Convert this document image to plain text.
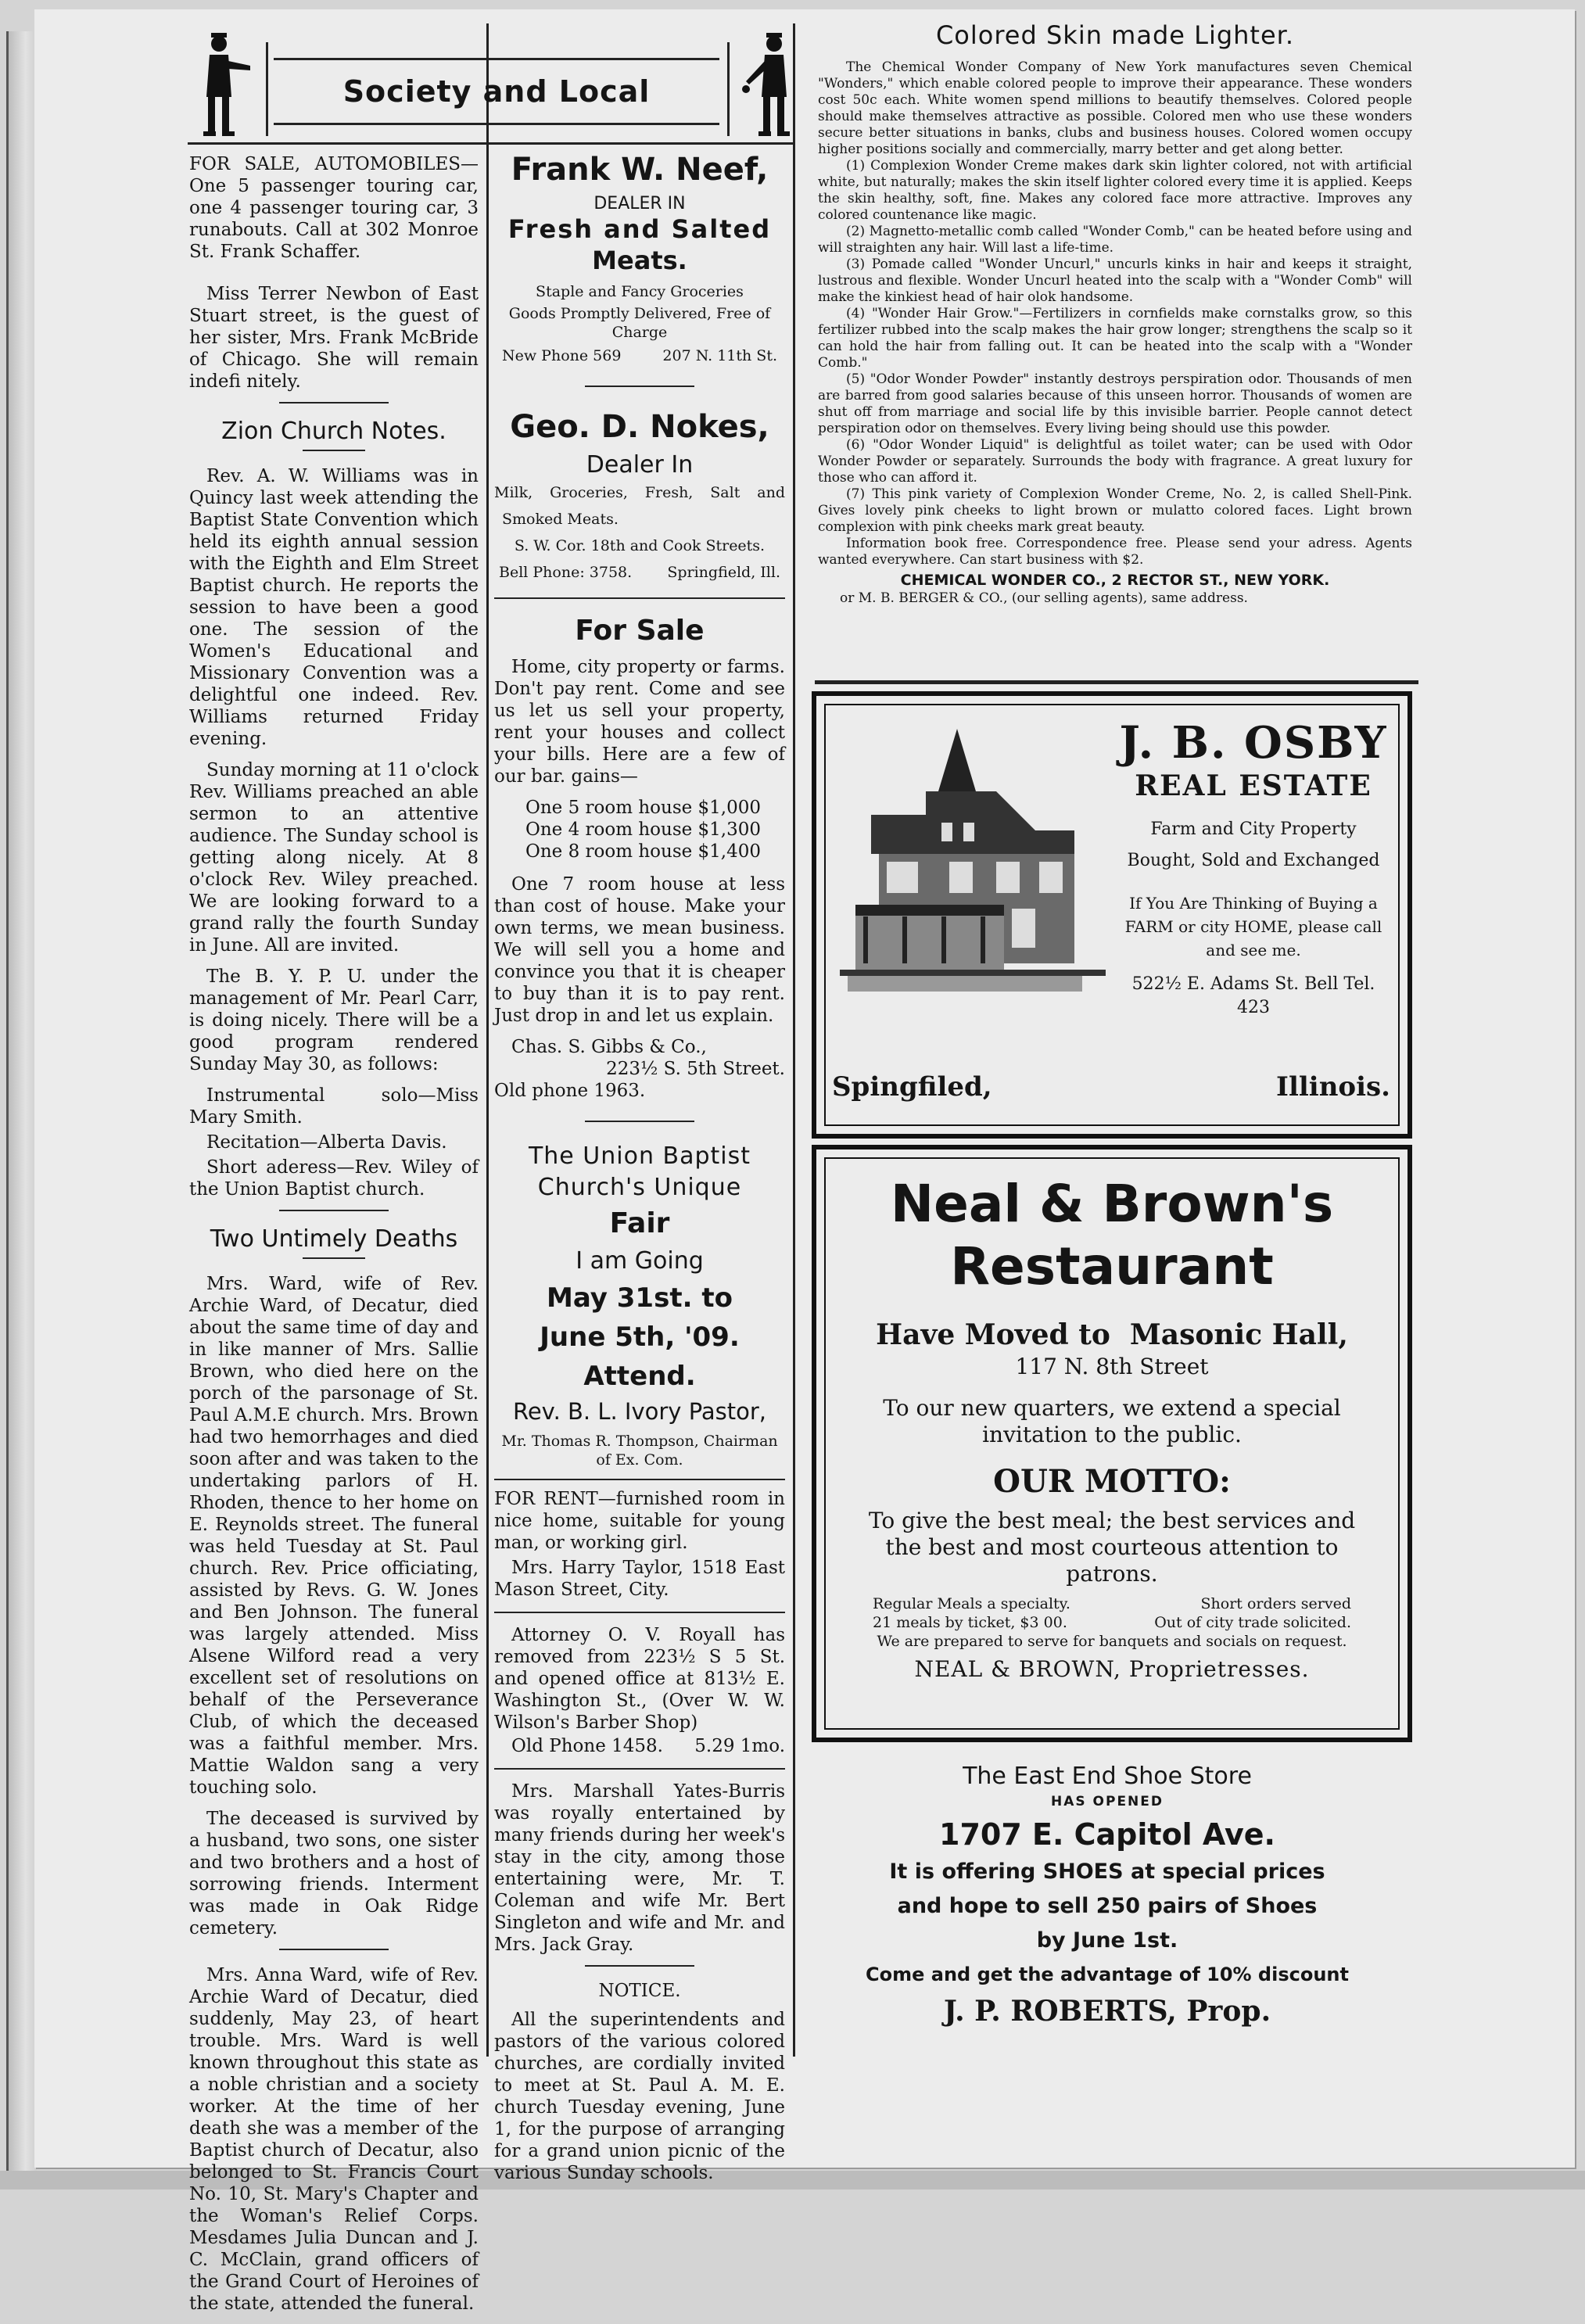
Society and Local

FOR SALE, AUTOMOBILES— One 5 passenger touring car, one 4 passenger touring car, 3 runabouts. Call at 302 Monroe St. Frank Schaffer.

Miss Terrer Newbon of East Stuart street, is the guest of her sister, Mrs. Frank McBride of Chicago. She will remain indefi nitely.

Zion Church Notes.

Rev. A. W. Williams was in Quincy last week attending the Baptist State Convention which held its eighth annual session with the Eighth and Elm Street Baptist church. He reports the session to have been a good one. The session of the Women's Educational and Missionary Convention was a delightful one indeed. Rev. Williams returned Friday evening.

Sunday morning at 11 o'clock Rev. Williams preached an able sermon to an attentive audience. The Sunday school is getting along nicely. At 8 o'clock Rev. Wiley preached. We are looking forward to a grand rally the fourth Sunday in June. All are invited.

The B. Y. P. U. under the management of Mr. Pearl Carr, is doing nicely. There will be a good program rendered Sunday May 30, as follows:

Instrumental solo—Miss Mary Smith.

Recitation—Alberta Davis.

Short aderess—Rev. Wiley of the Union Baptist church.

Two Untimely Deaths

Mrs. Ward, wife of Rev. Archie Ward, of Decatur, died about the same time of day and in like manner of Mrs. Sallie Brown, who died here on the porch of the parsonage of St. Paul A.M.E church. Mrs. Brown had two hemorrhages and died soon after and was taken to the undertaking parlors of H. Rhoden, thence to her home on E. Reynolds street. The funeral was held Tuesday at St. Paul church. Rev. Price officiating, assisted by Revs. G. W. Jones and Ben Johnson. The funeral was largely attended. Miss Alsene Wilford read a very excellent set of resolutions on behalf of the Perseverance Club, of which the deceased was a faithful member. Mrs. Mattie Waldon sang a very touching solo.

The deceased is survived by a husband, two sons, one sister and two brothers and a host of sorrowing friends. Interment was made in Oak Ridge cemetery.

Mrs. Anna Ward, wife of Rev. Archie Ward of Decatur, died suddenly, May 23, of heart trouble. Mrs. Ward is well known throughout this state as a noble christian and a society worker. At the time of her death she was a member of the Baptist church of Decatur, also belonged to St. Francis Court No. 10, St. Mary's Chapter and the Woman's Relief Corps. Mesdames Julia Duncan and J. C. McClain, grand officers of the Grand Court of Heroines of the state, attended the funeral.

Frank W. Neef,
DEALER IN
Fresh and Salted
Meats.
Staple and Fancy Groceries
Goods Promptly Delivered, Free of Charge
New Phone 569	207 N. 11th St.
Geo. D. Nokes,
Dealer In
Milk, Groceries, Fresh, Salt and
Smoked Meats.
S. W. Cor. 18th and Cook Streets.
Bell Phone: 3758. Springfield, Ill.
For Sale

Home, city property or farms. Don't pay rent. Come and see us let us sell your property, rent your houses and collect your bills. Here are a few of our bar. gains—

One 5 room house $1,000
One 4 room house $1,300
One 8 room house $1,400

One 7 room house at less than cost of house. Make your own terms, we mean business. We will sell you a home and convince you that it is cheaper to buy than it is to pay rent. Just drop in and let us explain.

Chas. S. Gibbs & Co.,
223½ S. 5th Street.
Old phone 1963.
The Union Baptist
Church's Unique
Fair
I am Going
May 31st. to
June 5th, '09.
Attend.
Rev. B. L. Ivory Pastor,
Mr. Thomas R. Thompson, Chairman of Ex. Com.

FOR RENT—furnished room in nice home, suitable for young man, or working girl.

Mrs. Harry Taylor, 1518 East Mason Street, City.

Attorney O. V. Royall has removed from 223½ S 5 St. and opened office at 813½ E. Washington St., (Over W. W. Wilson's Barber Shop)

Old Phone 1458. 5.29 1mo.

Mrs. Marshall Yates-Burris was royally entertained by many friends during her week's stay in the city, among those entertaining were, Mr. T. Coleman and wife Mr. Bert Singleton and wife and Mr. and Mrs. Jack Gray.

NOTICE.

All the superintendents and pastors of the various colored churches, are cordially invited to meet at St. Paul A. M. E. church Tuesday evening, June 1, for the purpose of arranging for a grand union picnic of the various Sunday schools.

Colored Skin made Lighter.

The Chemical Wonder Company of New York manufactures seven Chemical "Wonders," which enable colored people to improve their appearance. These wonders cost 50c each. White women spend millions to beautify themselves. Colored people should make themselves attractive as possible. Colored men who use these wonders secure better situations in banks, clubs and business houses. Colored women occupy higher positions socially and commercially, marry better and get along better.

(1) Complexion Wonder Creme makes dark skin lighter colored, not with artificial white, but naturally; makes the skin itself lighter colored every time it is applied. Keeps the skin healthy, soft, fine. Makes any colored face more attractive. Improves any colored countenance like magic.

(2) Magnetto-metallic comb called "Wonder Comb," can be heated before using and will straighten any hair. Will last a life-time.

(3) Pomade called "Wonder Uncurl," uncurls kinks in hair and keeps it straight, lustrous and flexible. Wonder Uncurl heated into the scalp with a "Wonder Comb" will make the kinkiest head of hair olok handsome.

(4) "Wonder Hair Grow."—Fertilizers in cornfields make cornstalks grow, so this fertilizer rubbed into the scalp makes the hair grow longer; strengthens the scalp so it can hold the hair from falling out. It can be heated into the scalp with a "Wonder Comb."

(5) "Odor Wonder Powder" instantly destroys perspiration odor. Thousands of men are barred from good salaries because of this unseen horror. Thousands of women are shut off from marriage and social life by this invisible barrier. People cannot detect perspiration odor on themselves. Every living being should use this powder.

(6) "Odor Wonder Liquid" is delightful as toilet water; can be used with Odor Wonder Powder or separately. Surrounds the body with fragrance. A great luxury for those who can afford it.

(7) This pink variety of Complexion Wonder Creme, No. 2, is called Shell-Pink. Gives lovely pink cheeks to light brown or mulatto colored faces. Light brown complexion with pink cheeks mark great beauty.

Information book free. Correspondence free. Please send your adress. Agents wanted everywhere. Can start business with $2.

CHEMICAL WONDER CO., 2 RECTOR ST., NEW YORK.
or M. B. BERGER & CO., (our selling agents), same address.
J. B. OSBY
REAL ESTATE
Farm and City Property
Bought, Sold and Exchanged
If You Are Thinking of Buying a FARM or city HOME, please call and see me.
522½ E. Adams St. Bell Tel. 423
Spingfiled,	Illinois.
Neal & Brown's
Restaurant
Have Moved to  Masonic Hall,
117 N. 8th Street
To our new quarters, we extend a special invitation to the public.
OUR MOTTO:
To give the best meal; the best services and the best and most courteous attention to patrons.
Regular Meals a specialty.	Short orders served
21 meals by ticket, $3 00.	Out of city trade solicited.
We are prepared to serve for banquets and socials on request.
NEAL & BROWN, Proprietresses.
The East End Shoe Store
HAS OPENED
1707 E. Capitol Ave.
It is offering SHOES at special prices
and hope to sell 250 pairs of Shoes
by June 1st.
Come and get the advantage of 10% discount
J. P. ROBERTS, Prop.
